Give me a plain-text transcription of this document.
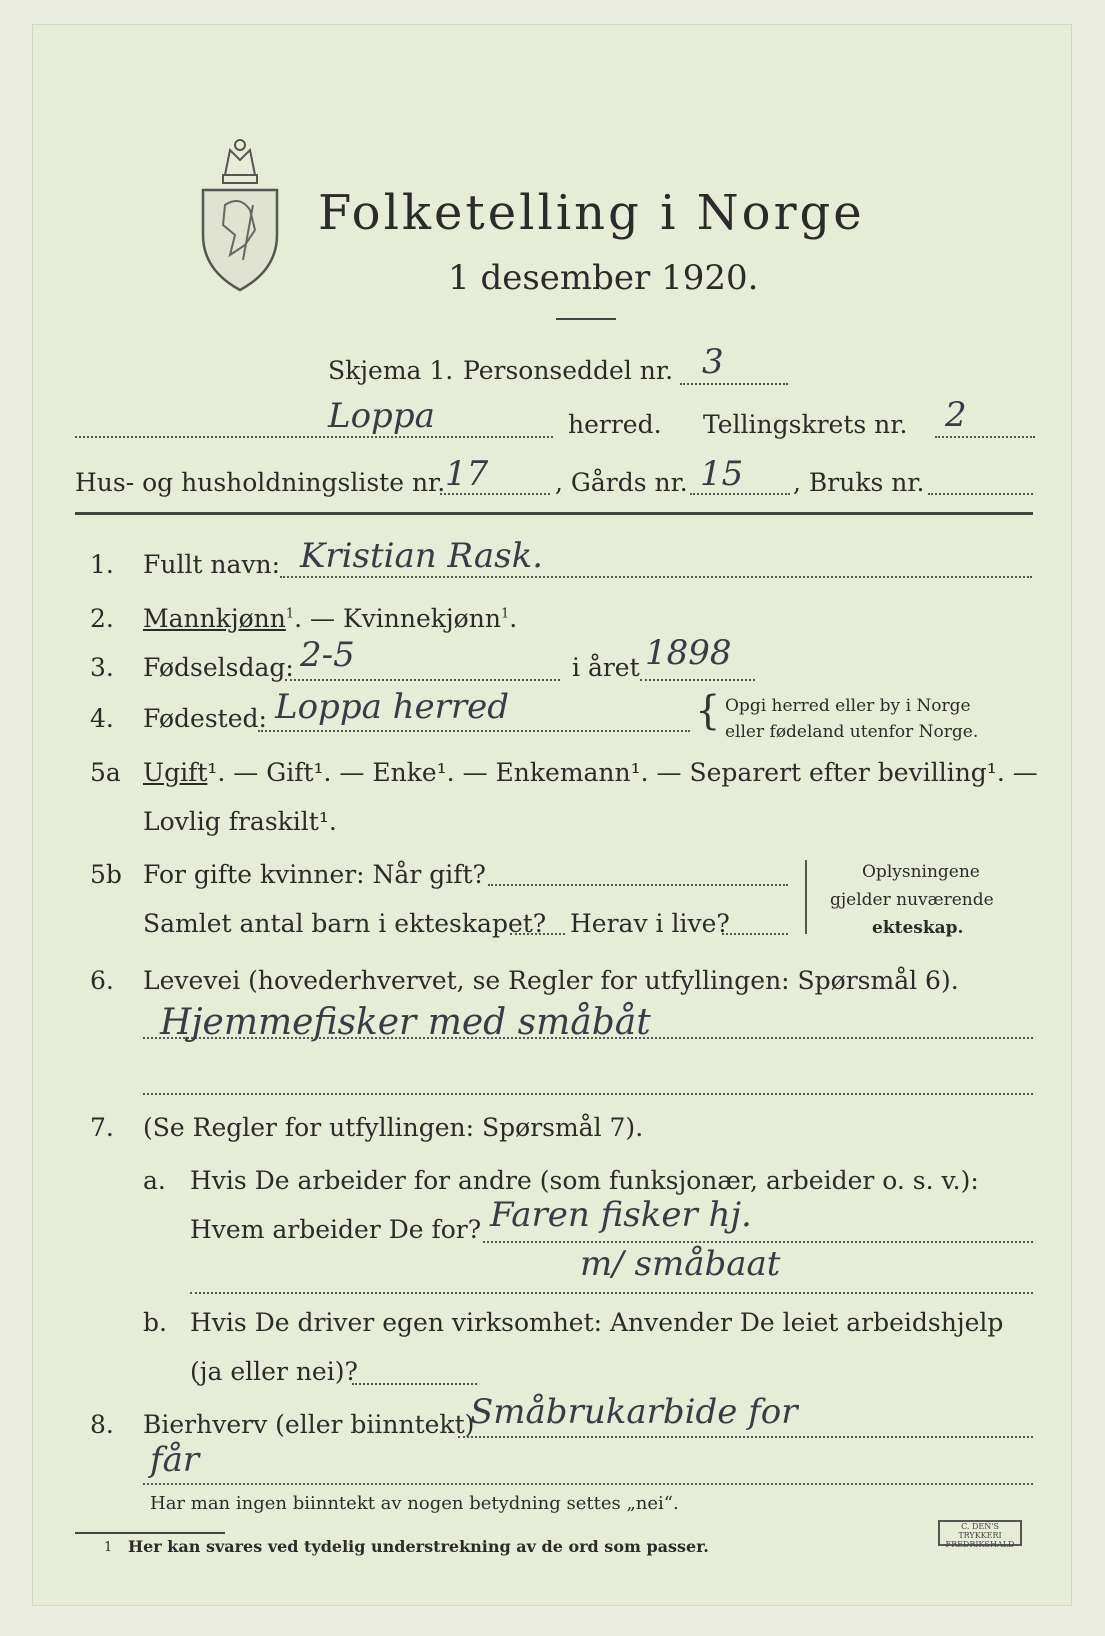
Folketelling i Norge
1 desember 1920.
Skjema 1. Personseddel nr. 3
Loppa	herred. Tellingskrets nr. 2
Hus- og husholdningsliste nr. 17	, Gårds nr. 15 , Bruks nr.
1. Fullt navn: Kristian Rask.
2. Mannkjønn$^1$. — Kvinnekjønn$^1$.
3. Fødselsdag: 2-5	i året 1898
4. Fødested: Loppa herred	{ Opgi herred eller by i Norge
eller fødeland utenfor Norge.
5a Ugift¹. — Gift¹. — Enke¹. — Enkemann¹. — Separert efter bevilling¹. —
Lovlig fraskilt¹.
5b For gifte kvinner: Når gift?
Samlet antal barn i ekteskapet? Herav i live?
Oplysningene
gjelder nuværende
ekteskap.
6. Levevei (hovederhvervet, se Regler for utfyllingen: Spørsmål 6).
Hjemmefisker med småbåt
7. (Se Regler for utfyllingen: Spørsmål 7).
a. Hvis De arbeider for andre (som funksjonær, arbeider o. s. v.):
Hvem arbeider De for? Faren fisker hj.
m/ småbaat
b. Hvis De driver egen virksomhet: Anvender De leiet arbeidshjelp
(ja eller nei)?
8. Bierhverv (eller biinntekt)
Småbrukarbide for
får
Har man ingen biinntekt av nogen betydning settes „nei“.
1 Her kan svares ved tydelig understrekning av de ord som passer.
C. DEN'S TRYKKERI
FREDRIKSHALD
